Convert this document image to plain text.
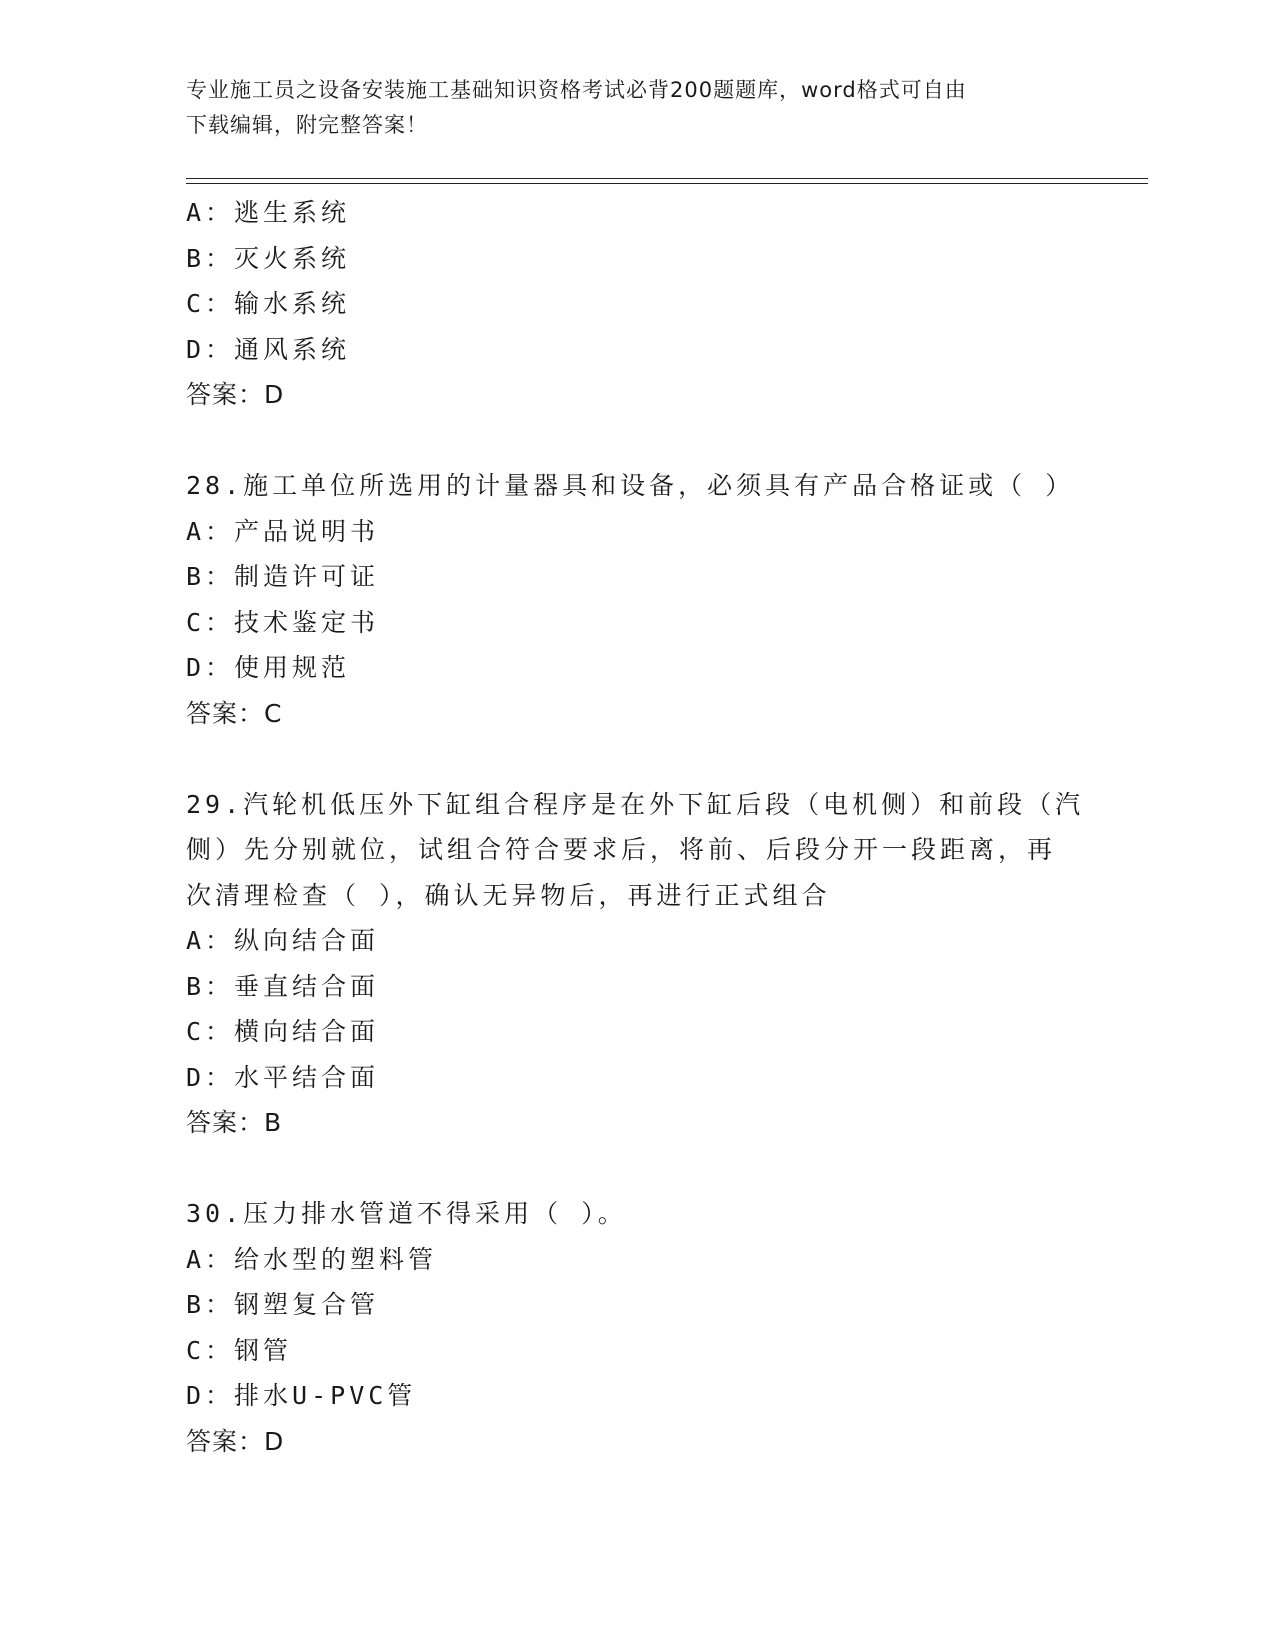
专业施工员之设备安装施工基础知识资格考试必背200题题库，word格式可自由
下载编辑，附完整答案！
A：逃生系统
B：灭火系统
C：输水系统
D：通风系统
答案：D
28.施工单位所选用的计量器具和设备，必须具有产品合格证或（ ）
A：产品说明书
B：制造许可证
C：技术鉴定书
D：使用规范
答案：C
29.汽轮机低压外下缸组合程序是在外下缸后段（电机侧）和前段（汽
侧）先分别就位，试组合符合要求后，将前、后段分开一段距离，再
次清理检查（ ），确认无异物后，再进行正式组合
A：纵向结合面
B：垂直结合面
C：横向结合面
D：水平结合面
答案：B
30.压力排水管道不得采用（ ）。
A：给水型的塑料管
B：钢塑复合管
C：钢管
D：排水U-PVC管
答案：D
